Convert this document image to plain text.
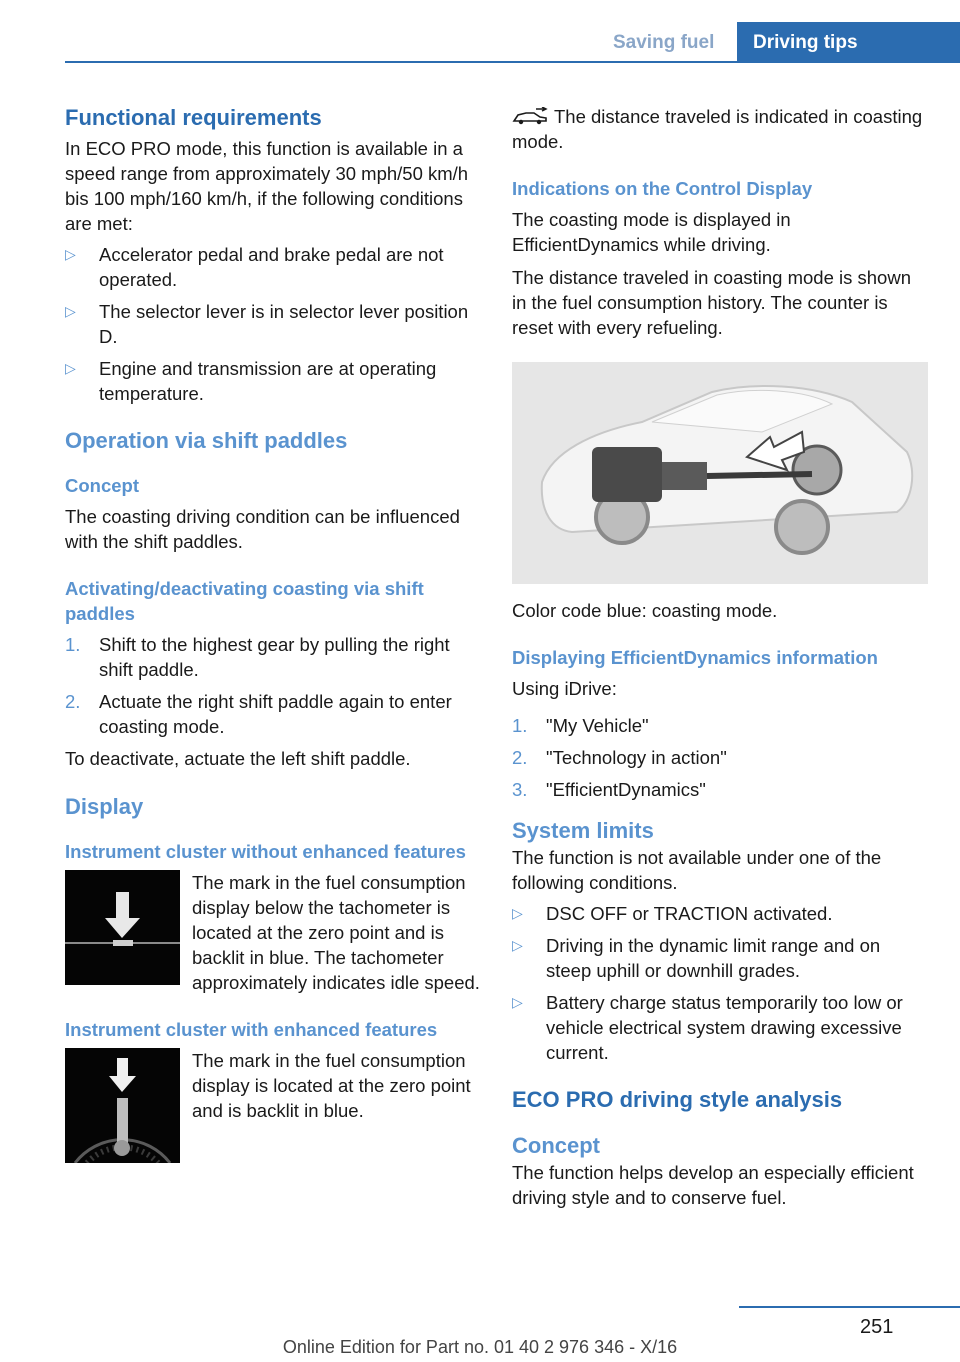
Saving fuel	Driving tips
Functional requirements

In ECO PRO mode, this function is available in a speed range from approximately 30 mph/50 km/h bis 100 mph/160 km/h, if the following conditions are met:

▷ Accelerator pedal and brake pedal are not operated.
▷ The selector lever is in selector lever position D.
▷ Engine and transmission are at operating temperature.
Operation via shift paddles
Concept

The coasting driving condition can be influenced with the shift paddles.

Activating/deactivating coasting via shift paddles
1. Shift to the highest gear by pulling the right shift paddle.
2. Actuate the right shift paddle again to enter coasting mode.

To deactivate, actuate the left shift paddle.

Display
Instrument cluster without enhanced features

The mark in the fuel consumption display below the tachometer is located at the zero point and is backlit in blue. The tachometer approximately indicates idle speed.

Instrument cluster with enhanced features

The mark in the fuel consumption display is located at the zero point and is backlit in blue.

The distance traveled is indicated in coasting mode.

Indications on the Control Display

The coasting mode is displayed in EfficientDynamics while driving.

The distance traveled in coasting mode is shown in the fuel consumption history. The counter is reset with every refueling.

Color code blue: coasting mode.

Displaying EfficientDynamics information

Using iDrive:

1. "My Vehicle"
2. "Technology in action"
3. "EfficientDynamics"
System limits

The function is not available under one of the following conditions.

▷ DSC OFF or TRACTION activated.
▷ Driving in the dynamic limit range and on steep uphill or downhill grades.
▷ Battery charge status temporarily too low or vehicle electrical system drawing excessive current.
ECO PRO driving style analysis
Concept

The function helps develop an especially efficient driving style and to conserve fuel.

251
Online Edition for Part no. 01 40 2 976 346 - X/16
